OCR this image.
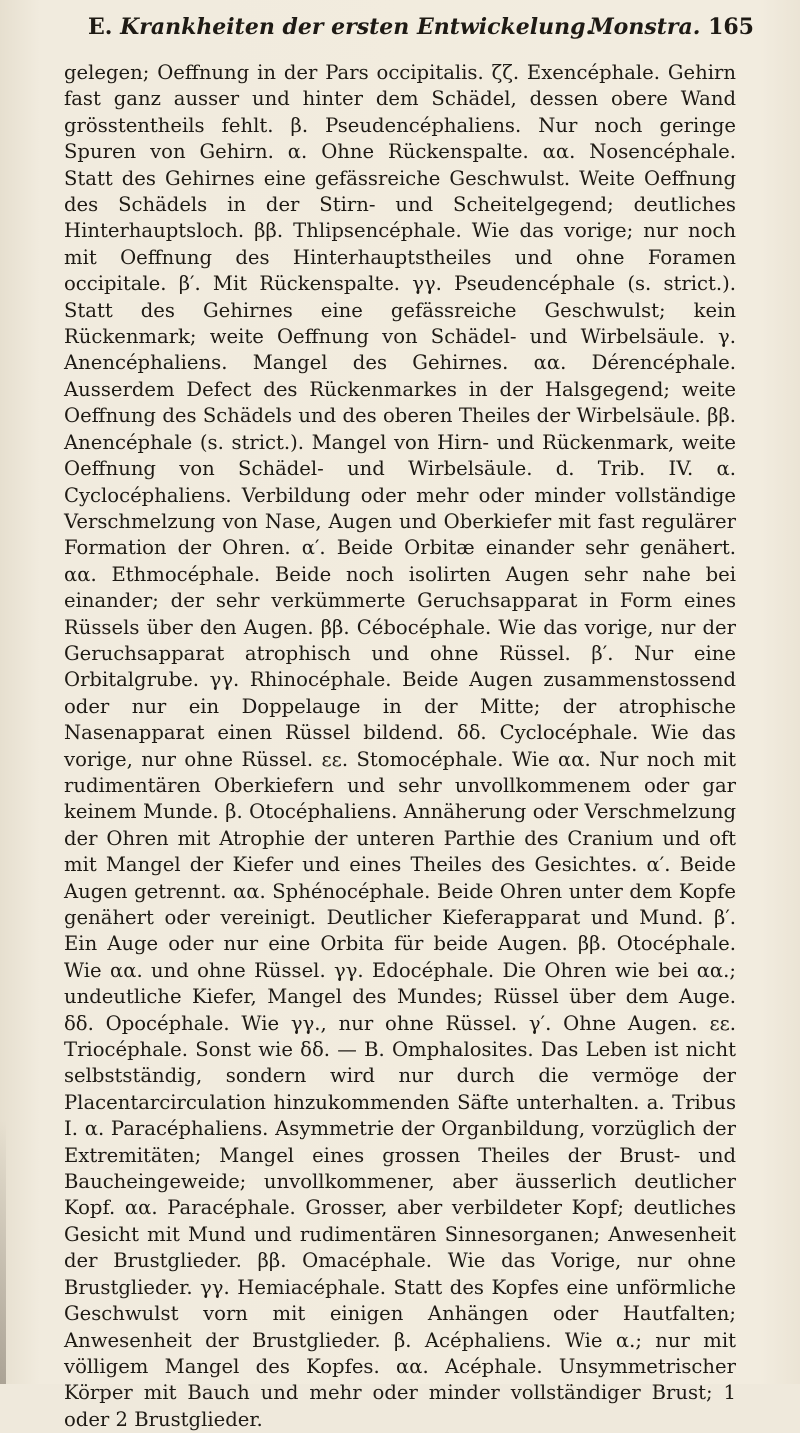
E. Krankheiten der ersten Entwickelung.
Monstra. 165

gelegen; Oeffnung in der Pars occipitalis. ζζ. Exencéphale. Gehirn fast ganz ausser und hinter dem Schädel, dessen obere Wand grösstentheils fehlt. β. Pseudencéphaliens. Nur noch geringe Spuren von Gehirn. α. Ohne Rückenspalte. αα. Nosencéphale. Statt des Gehirnes eine gefässreiche Geschwulst. Weite Oeffnung des Schädels in der Stirn- und Scheitelgegend; deutliches Hinterhauptsloch. ββ. Thlipsencéphale. Wie das vorige; nur noch mit Oeffnung des Hinterhauptstheiles und ohne Foramen occipitale. β′. Mit Rückenspalte. γγ. Pseudencéphale (s. strict.). Statt des Gehirnes eine gefässreiche Geschwulst; kein Rückenmark; weite Oeffnung von Schädel- und Wirbelsäule. γ. Anencéphaliens. Mangel des Gehirnes. αα. Dérencéphale. Ausserdem Defect des Rückenmarkes in der Halsgegend; weite Oeffnung des Schädels und des oberen Theiles der Wirbelsäule. ββ. Anencéphale (s. strict.). Mangel von Hirn- und Rückenmark, weite Oeffnung von Schädel- und Wirbelsäule. d. Trib. IV. α. Cyclocéphaliens. Verbildung oder mehr oder minder vollständige Verschmelzung von Nase, Augen und Oberkiefer mit fast regulärer Formation der Ohren. α′. Beide Orbitæ einander sehr genähert. αα. Ethmocéphale. Beide noch isolirten Augen sehr nahe bei einander; der sehr verkümmerte Geruchsapparat in Form eines Rüssels über den Augen. ββ. Cébocéphale. Wie das vorige, nur der Geruchsapparat atrophisch und ohne Rüssel. β′. Nur eine Orbitalgrube. γγ. Rhinocéphale. Beide Augen zusammenstossend oder nur ein Doppelauge in der Mitte; der atrophische Nasenapparat einen Rüssel bildend. δδ. Cyclocéphale. Wie das vorige, nur ohne Rüssel. εε. Stomocéphale. Wie αα. Nur noch mit rudimentären Oberkiefern und sehr unvollkommenem oder gar keinem Munde. β. Otocéphaliens. Annäherung oder Verschmelzung der Ohren mit Atrophie der unteren Parthie des Cranium und oft mit Mangel der Kiefer und eines Theiles des Gesichtes. α′. Beide Augen getrennt. αα. Sphénocéphale. Beide Ohren unter dem Kopfe genähert oder vereinigt. Deutlicher Kieferapparat und Mund. β′. Ein Auge oder nur eine Orbita für beide Augen. ββ. Otocéphale. Wie αα. und ohne Rüssel. γγ. Edocéphale. Die Ohren wie bei αα.; undeutliche Kiefer, Mangel des Mundes; Rüssel über dem Auge. δδ. Opocéphale. Wie γγ., nur ohne Rüssel. γ′. Ohne Augen. εε. Triocéphale. Sonst wie δδ. — B. Omphalosites. Das Leben ist nicht selbstständig, sondern wird nur durch die vermöge der Placentarcirculation hinzukommenden Säfte unterhalten. a. Tribus I. α. Paracéphaliens. Asymmetrie der Organbildung, vorzüglich der Extremitäten; Mangel eines grossen Theiles der Brust- und Baucheingeweide; unvollkommener, aber äusserlich deutlicher Kopf. αα. Paracéphale. Grosser, aber verbildeter Kopf; deutliches Gesicht mit Mund und rudimentären Sinnesorganen; Anwesenheit der Brustglieder. ββ. Omacéphale. Wie das Vorige, nur ohne Brustglieder. γγ. Hemiacéphale. Statt des Kopfes eine unförmliche Geschwulst vorn mit einigen Anhängen oder Hautfalten; Anwesenheit der Brustglieder. β. Acéphaliens. Wie α.; nur mit völligem Mangel des Kopfes. αα. Acéphale. Unsymmetrischer Körper mit Bauch und mehr oder minder vollständiger Brust; 1 oder 2 Brustglieder.
